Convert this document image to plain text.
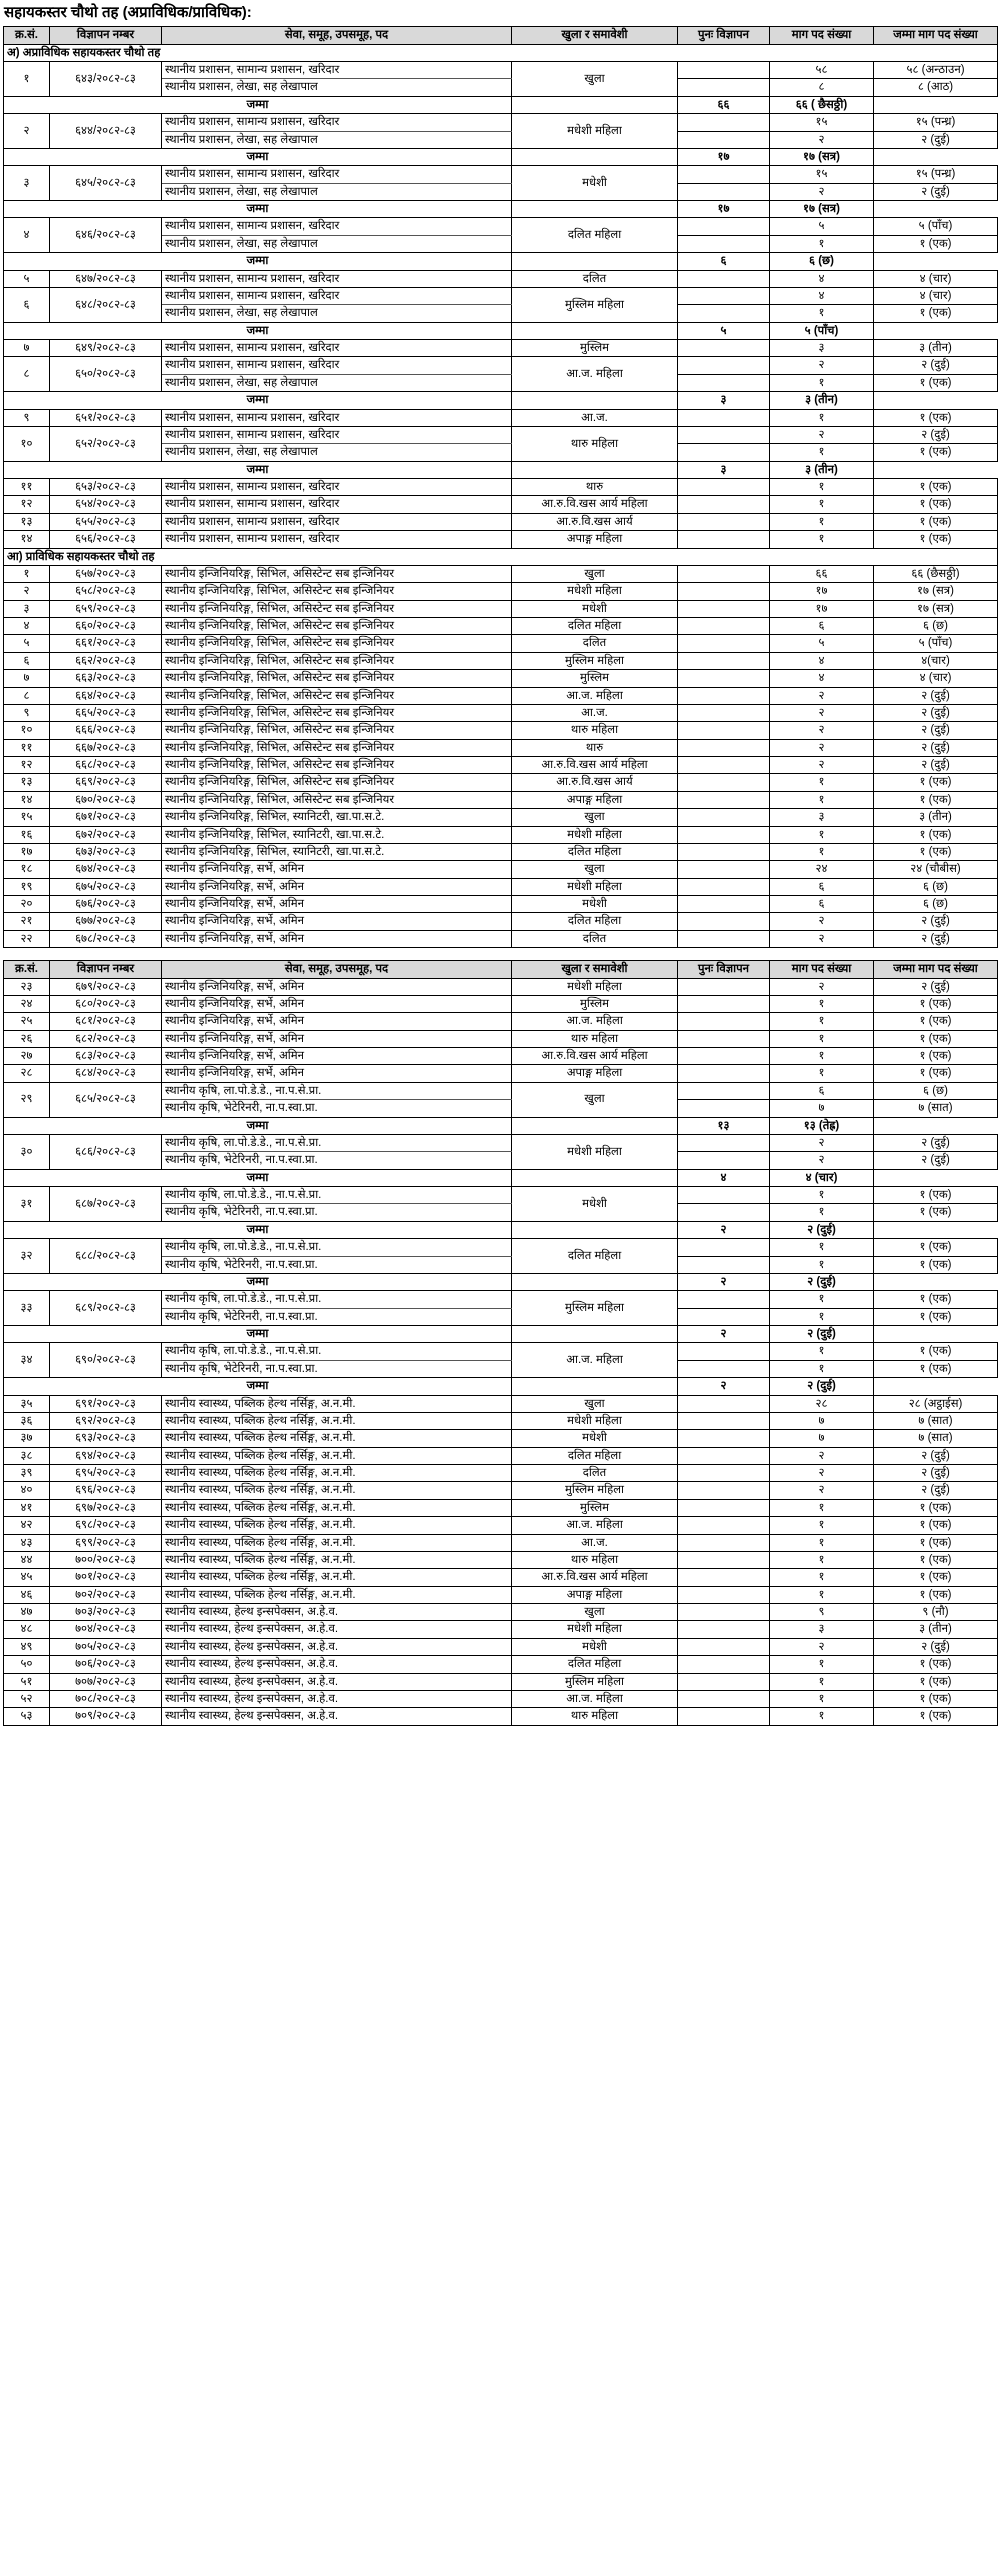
सहायकस्तर चौथो तह (अप्राविधिक/प्राविधिक):
क्र.सं.	विज्ञापन नम्बर	सेवा, समूह, उपसमूह, पद	खुला र समावेशी	पुनः विज्ञापन	माग पद संख्या	जम्मा माग पद संख्या
अ) अप्राविधिक सहायकस्तर चौथो तह						
१	६४३/२०८२-८३	स्थानीय प्रशासन, सामान्य प्रशासन, खरिदार	खुला		५८	५८ (अन्ठाउन)
		स्थानीय प्रशासन, लेखा, सह लेखापाल			८	८ (आठ)
जम्मा				६६	६६ ( छैसठ्ठी)	
२	६४४/२०८२-८३	स्थानीय प्रशासन, सामान्य प्रशासन, खरिदार	मधेशी महिला		१५	१५ (पन्ध्र)
		स्थानीय प्रशासन, लेखा, सह लेखापाल			२	२ (दुई)
जम्मा				१७	१७ (सत्र)	
३	६४५/२०८२-८३	स्थानीय प्रशासन, सामान्य प्रशासन, खरिदार	मधेशी		१५	१५ (पन्ध्र)
		स्थानीय प्रशासन, लेखा, सह लेखापाल			२	२ (दुई)
जम्मा				१७	१७ (सत्र)	
४	६४६/२०८२-८३	स्थानीय प्रशासन, सामान्य प्रशासन, खरिदार	दलित महिला		५	५ (पाँच)
		स्थानीय प्रशासन, लेखा, सह लेखापाल			१	१ (एक)
जम्मा				६	६ (छ)	
५	६४७/२०८२-८३	स्थानीय प्रशासन, सामान्य प्रशासन, खरिदार	दलित		४	४ (चार)
६	६४८/२०८२-८३	स्थानीय प्रशासन, सामान्य प्रशासन, खरिदार	मुस्लिम महिला		४	४ (चार)
		स्थानीय प्रशासन, लेखा, सह लेखापाल			१	१ (एक)
जम्मा				५	५ (पाँच)	
७	६४९/२०८२-८३	स्थानीय प्रशासन, सामान्य प्रशासन, खरिदार	मुस्लिम		३	३ (तीन)
८	६५०/२०८२-८३	स्थानीय प्रशासन, सामान्य प्रशासन, खरिदार	आ.ज. महिला		२	२ (दुई)
		स्थानीय प्रशासन, लेखा, सह लेखापाल			१	१ (एक)
जम्मा				३	३ (तीन)	
९	६५१/२०८२-८३	स्थानीय प्रशासन, सामान्य प्रशासन, खरिदार	आ.ज.		१	१ (एक)
१०	६५२/२०८२-८३	स्थानीय प्रशासन, सामान्य प्रशासन, खरिदार	थारु महिला		२	२ (दुई)
		स्थानीय प्रशासन, लेखा, सह लेखापाल			१	१ (एक)
जम्मा				३	३ (तीन)	
११	६५३/२०८२-८३	स्थानीय प्रशासन, सामान्य प्रशासन, खरिदार	थारु		१	१ (एक)
१२	६५४/२०८२-८३	स्थानीय प्रशासन, सामान्य प्रशासन, खरिदार	आ.रु.वि.खस आर्य महिला		१	१ (एक)
१३	६५५/२०८२-८३	स्थानीय प्रशासन, सामान्य प्रशासन, खरिदार	आ.रु.वि.खस आर्य		१	१ (एक)
१४	६५६/२०८२-८३	स्थानीय प्रशासन, सामान्य प्रशासन, खरिदार	अपाङ्ग महिला		१	१ (एक)
आ) प्राविधिक सहायकस्तर चौथो तह						
१	६५७/२०८२-८३	स्थानीय इन्जिनियरिङ्ग, सिभिल, असिस्टेन्ट सब इन्जिनियर	खुला		६६	६६ (छैसठ्ठी)
२	६५८/२०८२-८३	स्थानीय इन्जिनियरिङ्ग, सिभिल, असिस्टेन्ट सब इन्जिनियर	मधेशी महिला		१७	१७ (सत्र)
३	६५९/२०८२-८३	स्थानीय इन्जिनियरिङ्ग, सिभिल, असिस्टेन्ट सब इन्जिनियर	मधेशी		१७	१७ (सत्र)
४	६६०/२०८२-८३	स्थानीय इन्जिनियरिङ्ग, सिभिल, असिस्टेन्ट सब इन्जिनियर	दलित महिला		६	६ (छ)
५	६६१/२०८२-८३	स्थानीय इन्जिनियरिङ्ग, सिभिल, असिस्टेन्ट सब इन्जिनियर	दलित		५	५ (पाँच)
६	६६२/२०८२-८३	स्थानीय इन्जिनियरिङ्ग, सिभिल, असिस्टेन्ट सब इन्जिनियर	मुस्लिम महिला		४	४(चार)
७	६६३/२०८२-८३	स्थानीय इन्जिनियरिङ्ग, सिभिल, असिस्टेन्ट सब इन्जिनियर	मुस्लिम		४	४ (चार)
८	६६४/२०८२-८३	स्थानीय इन्जिनियरिङ्ग, सिभिल, असिस्टेन्ट सब इन्जिनियर	आ.ज. महिला		२	२ (दुई)
९	६६५/२०८२-८३	स्थानीय इन्जिनियरिङ्ग, सिभिल, असिस्टेन्ट सब इन्जिनियर	आ.ज.		२	२ (दुई)
१०	६६६/२०८२-८३	स्थानीय इन्जिनियरिङ्ग, सिभिल, असिस्टेन्ट सब इन्जिनियर	थारु महिला		२	२ (दुई)
११	६६७/२०८२-८३	स्थानीय इन्जिनियरिङ्ग, सिभिल, असिस्टेन्ट सब इन्जिनियर	थारु		२	२ (दुई)
१२	६६८/२०८२-८३	स्थानीय इन्जिनियरिङ्ग, सिभिल, असिस्टेन्ट सब इन्जिनियर	आ.रु.वि.खस आर्य महिला		२	२ (दुई)
१३	६६९/२०८२-८३	स्थानीय इन्जिनियरिङ्ग, सिभिल, असिस्टेन्ट सब इन्जिनियर	आ.रु.वि.खस आर्य		१	१ (एक)
१४	६७०/२०८२-८३	स्थानीय इन्जिनियरिङ्ग, सिभिल, असिस्टेन्ट सब इन्जिनियर	अपाङ्ग महिला		१	१ (एक)
१५	६७१/२०८२-८३	स्थानीय इन्जिनियरिङ्ग, सिभिल, स्यानिटरी, खा.पा.स.टे.	खुला		३	३ (तीन)
१६	६७२/२०८२-८३	स्थानीय इन्जिनियरिङ्ग, सिभिल, स्यानिटरी, खा.पा.स.टे.	मधेशी महिला		१	१ (एक)
१७	६७३/२०८२-८३	स्थानीय इन्जिनियरिङ्ग, सिभिल, स्यानिटरी, खा.पा.स.टे.	दलित महिला		१	१ (एक)
१८	६७४/२०८२-८३	स्थानीय इन्जिनियरिङ्ग, सर्भे, अमिन	खुला		२४	२४ (चौबीस)
१९	६७५/२०८२-८३	स्थानीय इन्जिनियरिङ्ग, सर्भे, अमिन	मधेशी महिला		६	६ (छ)
२०	६७६/२०८२-८३	स्थानीय इन्जिनियरिङ्ग, सर्भे, अमिन	मधेशी		६	६ (छ)
२१	६७७/२०८२-८३	स्थानीय इन्जिनियरिङ्ग, सर्भे, अमिन	दलित महिला		२	२ (दुई)
२२	६७८/२०८२-८३	स्थानीय इन्जिनियरिङ्ग, सर्भे, अमिन	दलित		२	२ (दुई)
क्र.सं.	विज्ञापन नम्बर	सेवा, समूह, उपसमूह, पद	खुला र समावेशी	पुनः विज्ञापन	माग पद संख्या	जम्मा माग पद संख्या
२३	६७९/२०८२-८३	स्थानीय इन्जिनियरिङ्ग, सर्भे, अमिन	मधेशी महिला		२	२ (दुई)
२४	६८०/२०८२-८३	स्थानीय इन्जिनियरिङ्ग, सर्भे, अमिन	मुस्लिम		१	१ (एक)
२५	६८१/२०८२-८३	स्थानीय इन्जिनियरिङ्ग, सर्भे, अमिन	आ.ज. महिला		१	१ (एक)
२६	६८२/२०८२-८३	स्थानीय इन्जिनियरिङ्ग, सर्भे, अमिन	थारु महिला		१	१ (एक)
२७	६८३/२०८२-८३	स्थानीय इन्जिनियरिङ्ग, सर्भे, अमिन	आ.रु.वि.खस आर्य महिला		१	१ (एक)
२८	६८४/२०८२-८३	स्थानीय इन्जिनियरिङ्ग, सर्भे, अमिन	अपाङ्ग महिला		१	१ (एक)
२९	६८५/२०८२-८३	स्थानीय कृषि, ला.पो.डे.डे., ना.प.से.प्रा.	खुला		६	६ (छ)
		स्थानीय कृषि, भेटेरिनरी, ना.प.स्वा.प्रा.			७	७ (सात)
जम्मा				१३	१३ (तेह्र)	
३०	६८६/२०८२-८३	स्थानीय कृषि, ला.पो.डे.डे., ना.प.से.प्रा.	मधेशी महिला		२	२ (दुई)
		स्थानीय कृषि, भेटेरिनरी, ना.प.स्वा.प्रा.			२	२ (दुई)
जम्मा				४	४ (चार)	
३१	६८७/२०८२-८३	स्थानीय कृषि, ला.पो.डे.डे., ना.प.से.प्रा.	मधेशी		१	१ (एक)
		स्थानीय कृषि, भेटेरिनरी, ना.प.स्वा.प्रा.			१	१ (एक)
जम्मा				२	२ (दुई)	
३२	६८८/२०८२-८३	स्थानीय कृषि, ला.पो.डे.डे., ना.प.से.प्रा.	दलित महिला		१	१ (एक)
		स्थानीय कृषि, भेटेरिनरी, ना.प.स्वा.प्रा.			१	१ (एक)
जम्मा				२	२ (दुई)	
३३	६८९/२०८२-८३	स्थानीय कृषि, ला.पो.डे.डे., ना.प.से.प्रा.	मुस्लिम महिला		१	१ (एक)
		स्थानीय कृषि, भेटेरिनरी, ना.प.स्वा.प्रा.			१	१ (एक)
जम्मा				२	२ (दुई)	
३४	६९०/२०८२-८३	स्थानीय कृषि, ला.पो.डे.डे., ना.प.से.प्रा.	आ.ज. महिला		१	१ (एक)
		स्थानीय कृषि, भेटेरिनरी, ना.प.स्वा.प्रा.			१	१ (एक)
जम्मा				२	२ (दुई)	
३५	६९१/२०८२-८३	स्थानीय स्वास्थ्य, पब्लिक हेल्थ नर्सिङ्ग, अ.न.मी.	खुला		२८	२८ (अट्ठाईस)
३६	६९२/२०८२-८३	स्थानीय स्वास्थ्य, पब्लिक हेल्थ नर्सिङ्ग, अ.न.मी.	मधेशी महिला		७	७ (सात)
३७	६९३/२०८२-८३	स्थानीय स्वास्थ्य, पब्लिक हेल्थ नर्सिङ्ग, अ.न.मी.	मधेशी		७	७ (सात)
३८	६९४/२०८२-८३	स्थानीय स्वास्थ्य, पब्लिक हेल्थ नर्सिङ्ग, अ.न.मी.	दलित महिला		२	२ (दुई)
३९	६९५/२०८२-८३	स्थानीय स्वास्थ्य, पब्लिक हेल्थ नर्सिङ्ग, अ.न.मी.	दलित		२	२ (दुई)
४०	६९६/२०८२-८३	स्थानीय स्वास्थ्य, पब्लिक हेल्थ नर्सिङ्ग, अ.न.मी.	मुस्लिम महिला		२	२ (दुई)
४१	६९७/२०८२-८३	स्थानीय स्वास्थ्य, पब्लिक हेल्थ नर्सिङ्ग, अ.न.मी.	मुस्लिम		१	१ (एक)
४२	६९८/२०८२-८३	स्थानीय स्वास्थ्य, पब्लिक हेल्थ नर्सिङ्ग, अ.न.मी.	आ.ज. महिला		१	१ (एक)
४३	६९९/२०८२-८३	स्थानीय स्वास्थ्य, पब्लिक हेल्थ नर्सिङ्ग, अ.न.मी.	आ.ज.		१	१ (एक)
४४	७००/२०८२-८३	स्थानीय स्वास्थ्य, पब्लिक हेल्थ नर्सिङ्ग, अ.न.मी.	थारु महिला		१	१ (एक)
४५	७०१/२०८२-८३	स्थानीय स्वास्थ्य, पब्लिक हेल्थ नर्सिङ्ग, अ.न.मी.	आ.रु.वि.खस आर्य महिला		१	१ (एक)
४६	७०२/२०८२-८३	स्थानीय स्वास्थ्य, पब्लिक हेल्थ नर्सिङ्ग, अ.न.मी.	अपाङ्ग महिला		१	१ (एक)
४७	७०३/२०८२-८३	स्थानीय स्वास्थ्य, हेल्थ इन्सपेक्सन, अ.हे.व.	खुला		९	९ (नौ)
४८	७०४/२०८२-८३	स्थानीय स्वास्थ्य, हेल्थ इन्सपेक्सन, अ.हे.व.	मधेशी महिला		३	३ (तीन)
४९	७०५/२०८२-८३	स्थानीय स्वास्थ्य, हेल्थ इन्सपेक्सन, अ.हे.व.	मधेशी		२	२ (दुई)
५०	७०६/२०८२-८३	स्थानीय स्वास्थ्य, हेल्थ इन्सपेक्सन, अ.हे.व.	दलित महिला		१	१ (एक)
५१	७०७/२०८२-८३	स्थानीय स्वास्थ्य, हेल्थ इन्सपेक्सन, अ.हे.व.	मुस्लिम महिला		१	१ (एक)
५२	७०८/२०८२-८३	स्थानीय स्वास्थ्य, हेल्थ इन्सपेक्सन, अ.हे.व.	आ.ज. महिला		१	१ (एक)
५३	७०९/२०८२-८३	स्थानीय स्वास्थ्य, हेल्थ इन्सपेक्सन, अ.हे.व.	थारु महिला		१	१ (एक)
